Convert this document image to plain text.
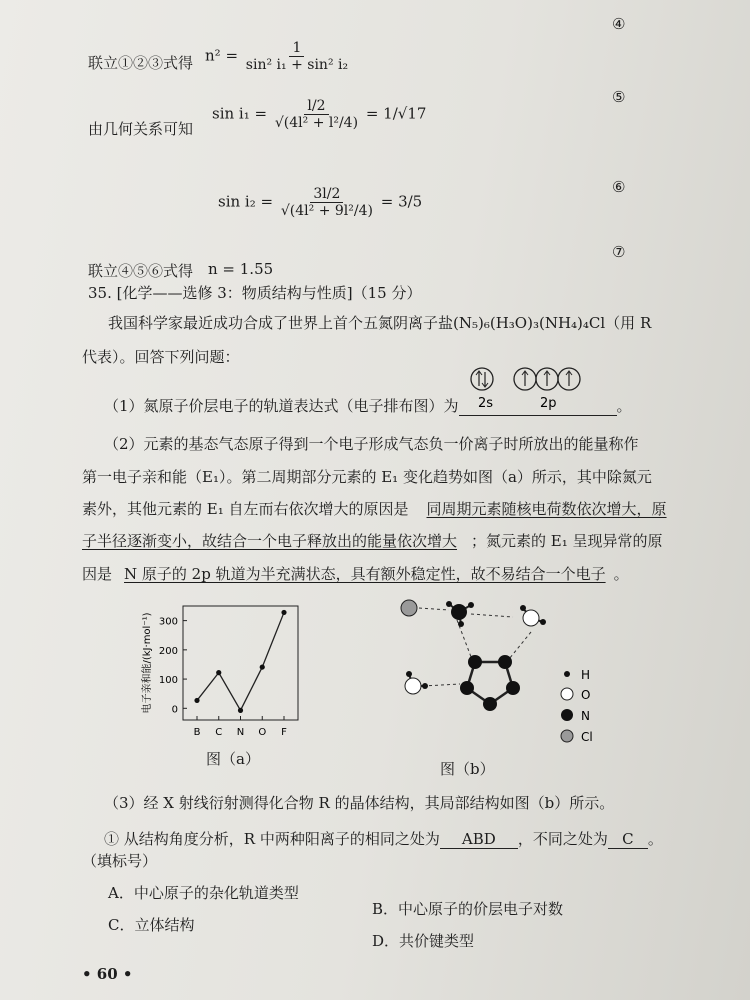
联立①②③式得 $n^2 = \frac{1}{\text{sin² i₁ + sin² i₂}}$
④
由几何关系可知
$\sin i_1 = \frac{l/2}{\text{√(4l² + l²/4)}} = 1/√17$
⑤
$\sin i_2 = \frac{3l/2}{\text{√(4l² + 9l²/4)}} = 3/5$
⑥
联立④⑤⑥式得 n = 1.55
⑦
35. [化学——选修 3：物质结构与性质]（15 分）
我国科学家最近成功合成了世界上首个五氮阴离子盐(N₅)₆(H₃O)₃(NH₄)₄Cl（用 R
代表）。回答下列问题：
（1）氮原子价层电子的轨道表达式（电子排布图）为	。
2s	2p
（2）元素的基态气态原子得到一个电子形成气态负一价离子时所放出的能量称作
第一电子亲和能（E₁）。第二周期部分元素的 E₁ 变化趋势如图（a）所示，其中除氮元
素外，其他元素的 E₁ 自左而右依次增大的原因是 同周期元素随核电荷数依次增大，原
子半径逐渐变小，故结合一个电子释放出的能量依次增大 ；氮元素的 E₁ 呈现异常的原
因是 N 原子的 2p 轨道为半充满状态，具有额外稳定性，故不易结合一个电子 。
0
100
200
300
B C N O F
电子亲和能/(kJ·mol⁻¹)
图（a）
H
O
N
Cl
图（b）
（3）经 X 射线衍射测得化合物 R 的晶体结构，其局部结构如图（b）所示。
① 从结构角度分析，R 中两种阳离子的相同之处为 ABD ，不同之处为 C 。
（填标号）
A．中心原子的杂化轨道类型
B．中心原子的价层电子对数
C．立体结构
D．共价键类型
• 60 •
